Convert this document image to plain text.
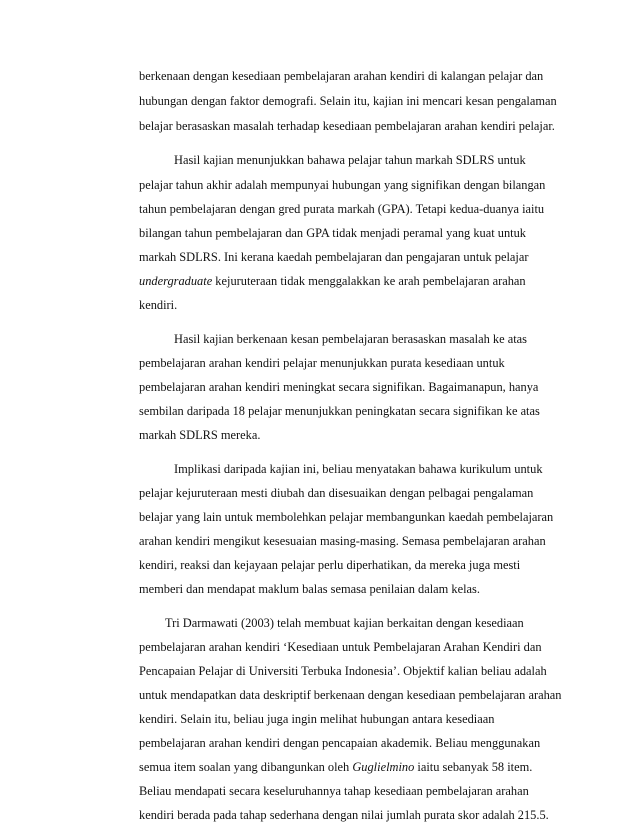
berkenaan dengan kesediaan pembelajaran arahan kendiri di kalangan pelajar dan
hubungan dengan faktor demografi. Selain itu, kajian ini mencari kesan pengalaman
belajar berasaskan masalah terhadap kesediaan pembelajaran arahan kendiri pelajar.
Hasil kajian menunjukkan bahawa pelajar tahun markah SDLRS untuk
pelajar tahun akhir adalah mempunyai hubungan yang signifikan dengan bilangan
tahun pembelajaran dengan gred purata markah (GPA). Tetapi kedua-duanya iaitu
bilangan tahun pembelajaran dan GPA tidak menjadi peramal yang kuat untuk
markah SDLRS. Ini kerana kaedah pembelajaran dan pengajaran untuk pelajar
undergraduate kejuruteraan tidak menggalakkan ke arah pembelajaran arahan
kendiri.
Hasil kajian berkenaan kesan pembelajaran berasaskan masalah ke atas
pembelajaran arahan kendiri pelajar menunjukkan purata kesediaan untuk
pembelajaran arahan kendiri meningkat secara signifikan. Bagaimanapun, hanya
sembilan daripada 18 pelajar menunjukkan peningkatan secara signifikan ke atas
markah SDLRS mereka.
Implikasi daripada kajian ini, beliau menyatakan bahawa kurikulum untuk
pelajar kejuruteraan mesti diubah dan disesuaikan dengan pelbagai pengalaman
belajar yang lain untuk membolehkan pelajar membangunkan kaedah pembelajaran
arahan kendiri mengikut kesesuaian masing-masing. Semasa pembelajaran arahan
kendiri, reaksi dan kejayaan pelajar perlu diperhatikan, da mereka juga mesti
memberi dan mendapat maklum balas semasa penilaian dalam kelas.
Tri Darmawati (2003) telah membuat kajian berkaitan dengan kesediaan
pembelajaran arahan kendiri ‘Kesediaan untuk Pembelajaran Arahan Kendiri dan
Pencapaian Pelajar di Universiti Terbuka Indonesia’. Objektif kalian beliau adalah
untuk mendapatkan data deskriptif berkenaan dengan kesediaan pembelajaran arahan
kendiri. Selain itu, beliau juga ingin melihat hubungan antara kesediaan
pembelajaran arahan kendiri dengan pencapaian akademik. Beliau menggunakan
semua item soalan yang dibangunkan oleh Guglielmino iaitu sebanyak 58 item.
Beliau mendapati secara keseluruhannya tahap kesediaan pembelajaran arahan
kendiri berada pada tahap sederhana dengan nilai jumlah purata skor adalah 215.5.
